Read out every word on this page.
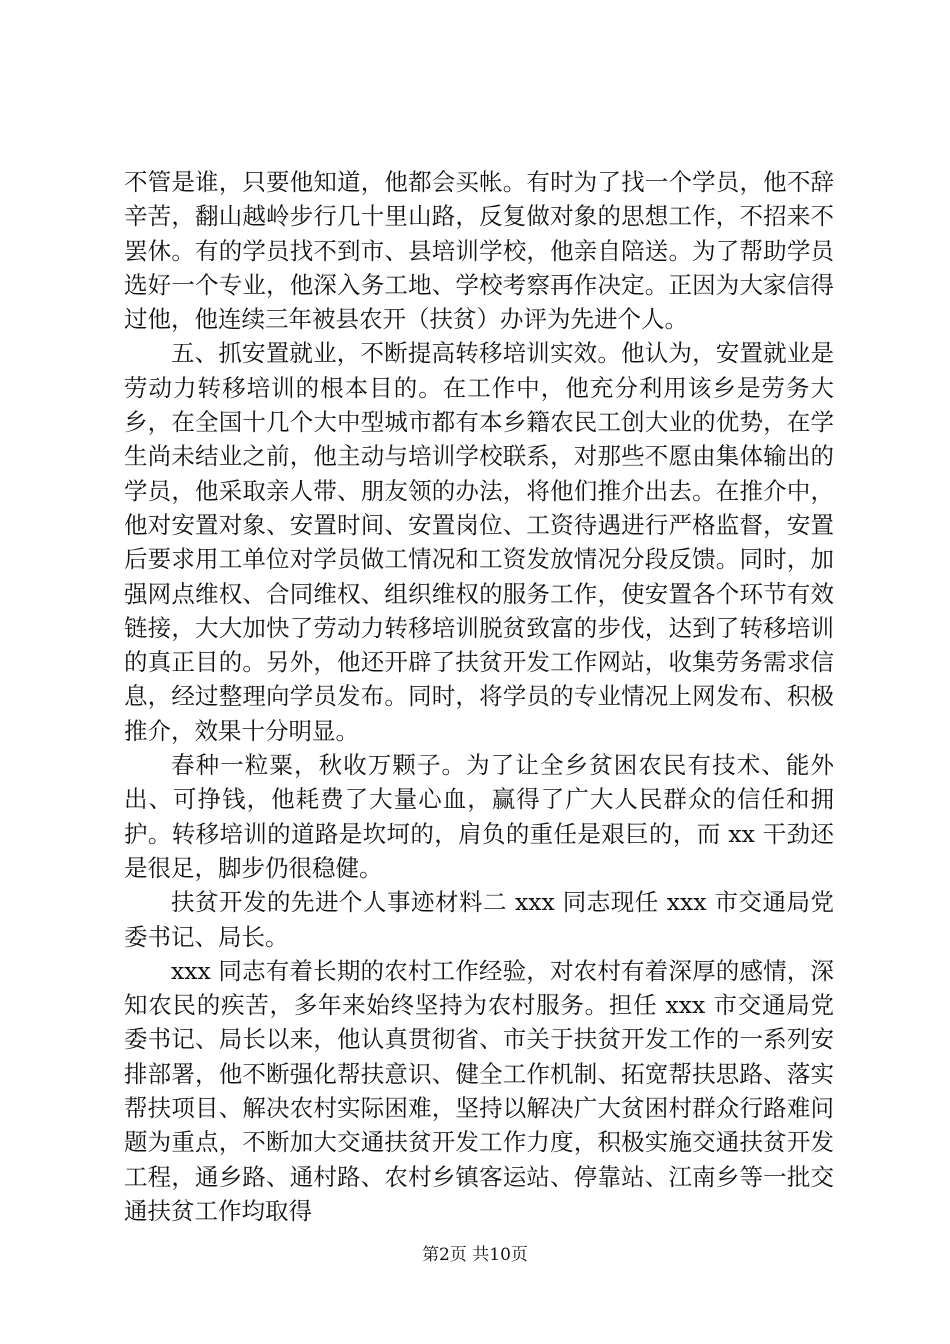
不管是谁，只要他知道，他都会买帐。有时为了找一个学员，他不辞辛苦，翻山越岭步行几十里山路，反复做对象的思想工作，不招来不罢休。有的学员找不到市、县培训学校，他亲自陪送。为了帮助学员选好一个专业，他深入务工地、学校考察再作决定。正因为大家信得过他，他连续三年被县农开（扶贫）办评为先进个人。

五、抓安置就业，不断提高转移培训实效。他认为，安置就业是劳动力转移培训的根本目的。在工作中，他充分利用该乡是劳务大乡，在全国十几个大中型城市都有本乡籍农民工创大业的优势，在学生尚未结业之前，他主动与培训学校联系，对那些不愿由集体输出的学员，他采取亲人带、朋友领的办法，将他们推介出去。在推介中，他对安置对象、安置时间、安置岗位、工资待遇进行严格监督，安置后要求用工单位对学员做工情况和工资发放情况分段反馈。同时，加强网点维权、合同维权、组织维权的服务工作，使安置各个环节有效链接，大大加快了劳动力转移培训脱贫致富的步伐，达到了转移培训的真正目的。另外，他还开辟了扶贫开发工作网站，收集劳务需求信息，经过整理向学员发布。同时，将学员的专业情况上网发布、积极推介，效果十分明显。

春种一粒粟，秋收万颗子。为了让全乡贫困农民有技术、能外出、可挣钱，他耗费了大量心血，赢得了广大人民群众的信任和拥护。转移培训的道路是坎坷的，肩负的重任是艰巨的，而 xx 干劲还是很足，脚步仍很稳健。

扶贫开发的先进个人事迹材料二 xxx 同志现任 xxx 市交通局党委书记、局长。

xxx 同志有着长期的农村工作经验，对农村有着深厚的感情，深知农民的疾苦，多年来始终坚持为农村服务。担任 xxx 市交通局党委书记、局长以来，他认真贯彻省、市关于扶贫开发工作的一系列安排部署，他不断强化帮扶意识、健全工作机制、拓宽帮扶思路、落实帮扶项目、解决农村实际困难，坚持以解决广大贫困村群众行路难问题为重点，不断加大交通扶贫开发工作力度，积极实施交通扶贫开发工程，通乡路、通村路、农村乡镇客运站、停靠站、江南乡等一批交通扶贫工作均取得

第2页 共10页
